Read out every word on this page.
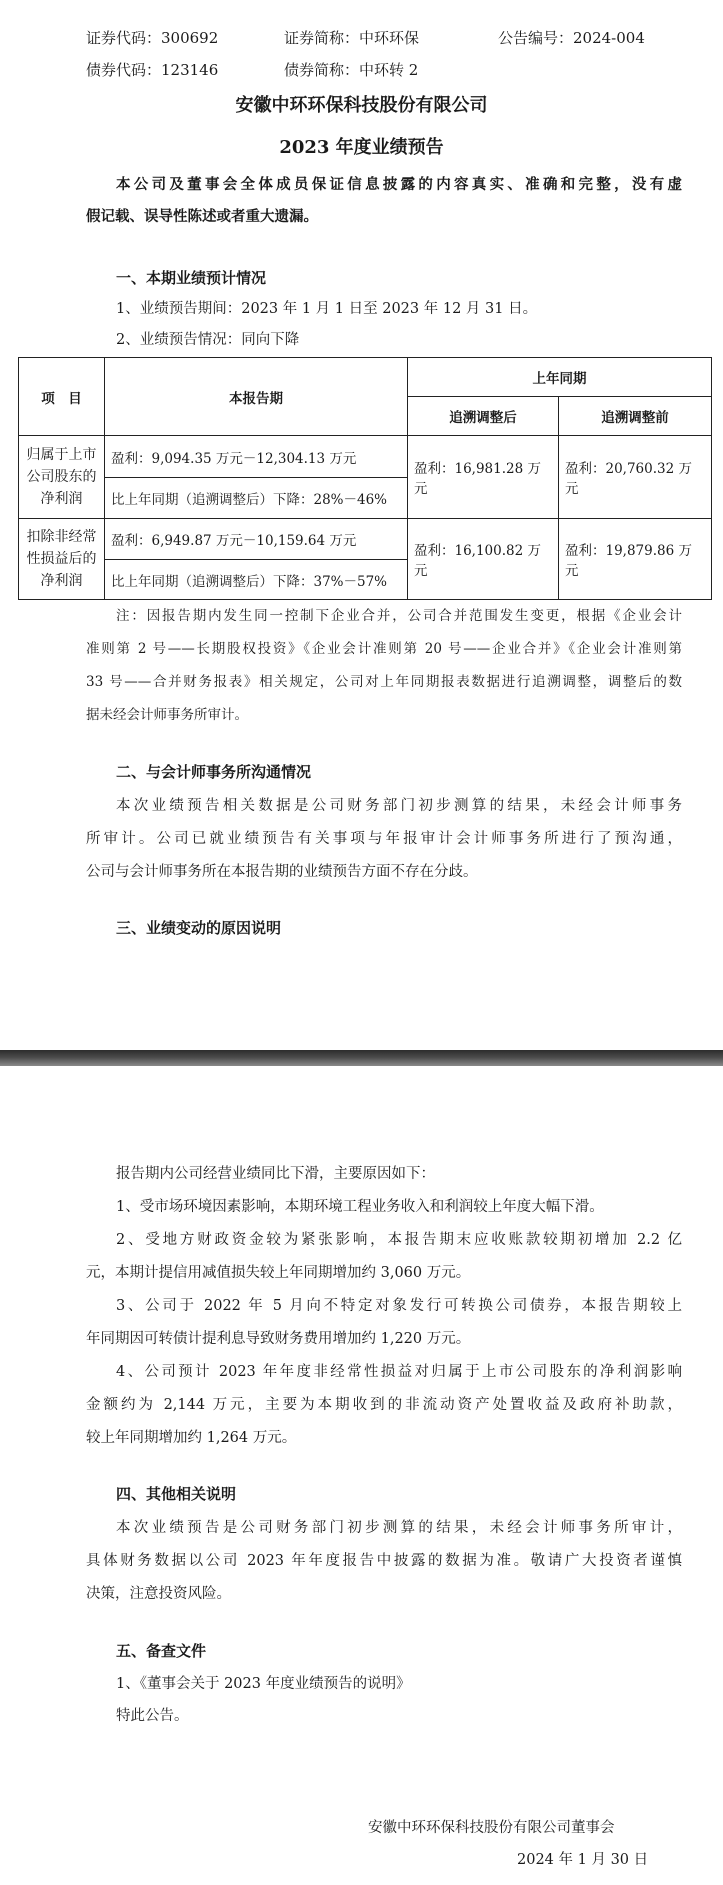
证券代码：300692	证券简称：中环环保	公告编号：2024-004
债券代码：123146	债券简称：中环转 2
安徽中环环保科技股份有限公司
2023 年度业绩预告
本公司及董事会全体成员保证信息披露的内容真实、准确和完整，没有虚
假记载、误导性陈述或者重大遗漏。
一、本期业绩预计情况
1、业绩预告期间：2023 年 1 月 1 日至 2023 年 12 月 31 日。
2、业绩预告情况：同向下降
项　目	本报告期	上年同期	
		追溯调整后	追溯调整前
归属于上市
公司股东的
净利润	盈利：9,094.35 万元－12,304.13 万元	盈利：16,981.28 万元	盈利：20,760.32 万元
	比上年同期（追溯调整后）下降：28%－46%		
扣除非经常
性损益后的
净利润	盈利：6,949.87 万元－10,159.64 万元	盈利：16,100.82 万元	盈利：19,879.86 万元
	比上年同期（追溯调整后）下降：37%－57%		
注：因报告期内发生同一控制下企业合并，公司合并范围发生变更，根据《企业会计
准则第 2 号——长期股权投资》《企业会计准则第 20 号——企业合并》《企业会计准则第
33 号——合并财务报表》相关规定，公司对上年同期报表数据进行追溯调整，调整后的数
据未经会计师事务所审计。
二、与会计师事务所沟通情况
本次业绩预告相关数据是公司财务部门初步测算的结果，未经会计师事务
所审计。公司已就业绩预告有关事项与年报审计会计师事务所进行了预沟通，
公司与会计师事务所在本报告期的业绩预告方面不存在分歧。
三、业绩变动的原因说明
报告期内公司经营业绩同比下滑，主要原因如下：
1、受市场环境因素影响，本期环境工程业务收入和利润较上年度大幅下滑。
2、受地方财政资金较为紧张影响，本报告期末应收账款较期初增加 2.2 亿
元，本期计提信用减值损失较上年同期增加约 3,060 万元。
3、公司于 2022 年 5 月向不特定对象发行可转换公司债券，本报告期较上
年同期因可转债计提利息导致财务费用增加约 1,220 万元。
4、公司预计 2023 年年度非经常性损益对归属于上市公司股东的净利润影响
金额约为 2,144 万元，主要为本期收到的非流动资产处置收益及政府补助款，
较上年同期增加约 1,264 万元。
四、其他相关说明
本次业绩预告是公司财务部门初步测算的结果，未经会计师事务所审计，
具体财务数据以公司 2023 年年度报告中披露的数据为准。敬请广大投资者谨慎
决策，注意投资风险。
五、备查文件
1、《董事会关于 2023 年度业绩预告的说明》
特此公告。
安徽中环环保科技股份有限公司董事会
2024 年 1 月 30 日
